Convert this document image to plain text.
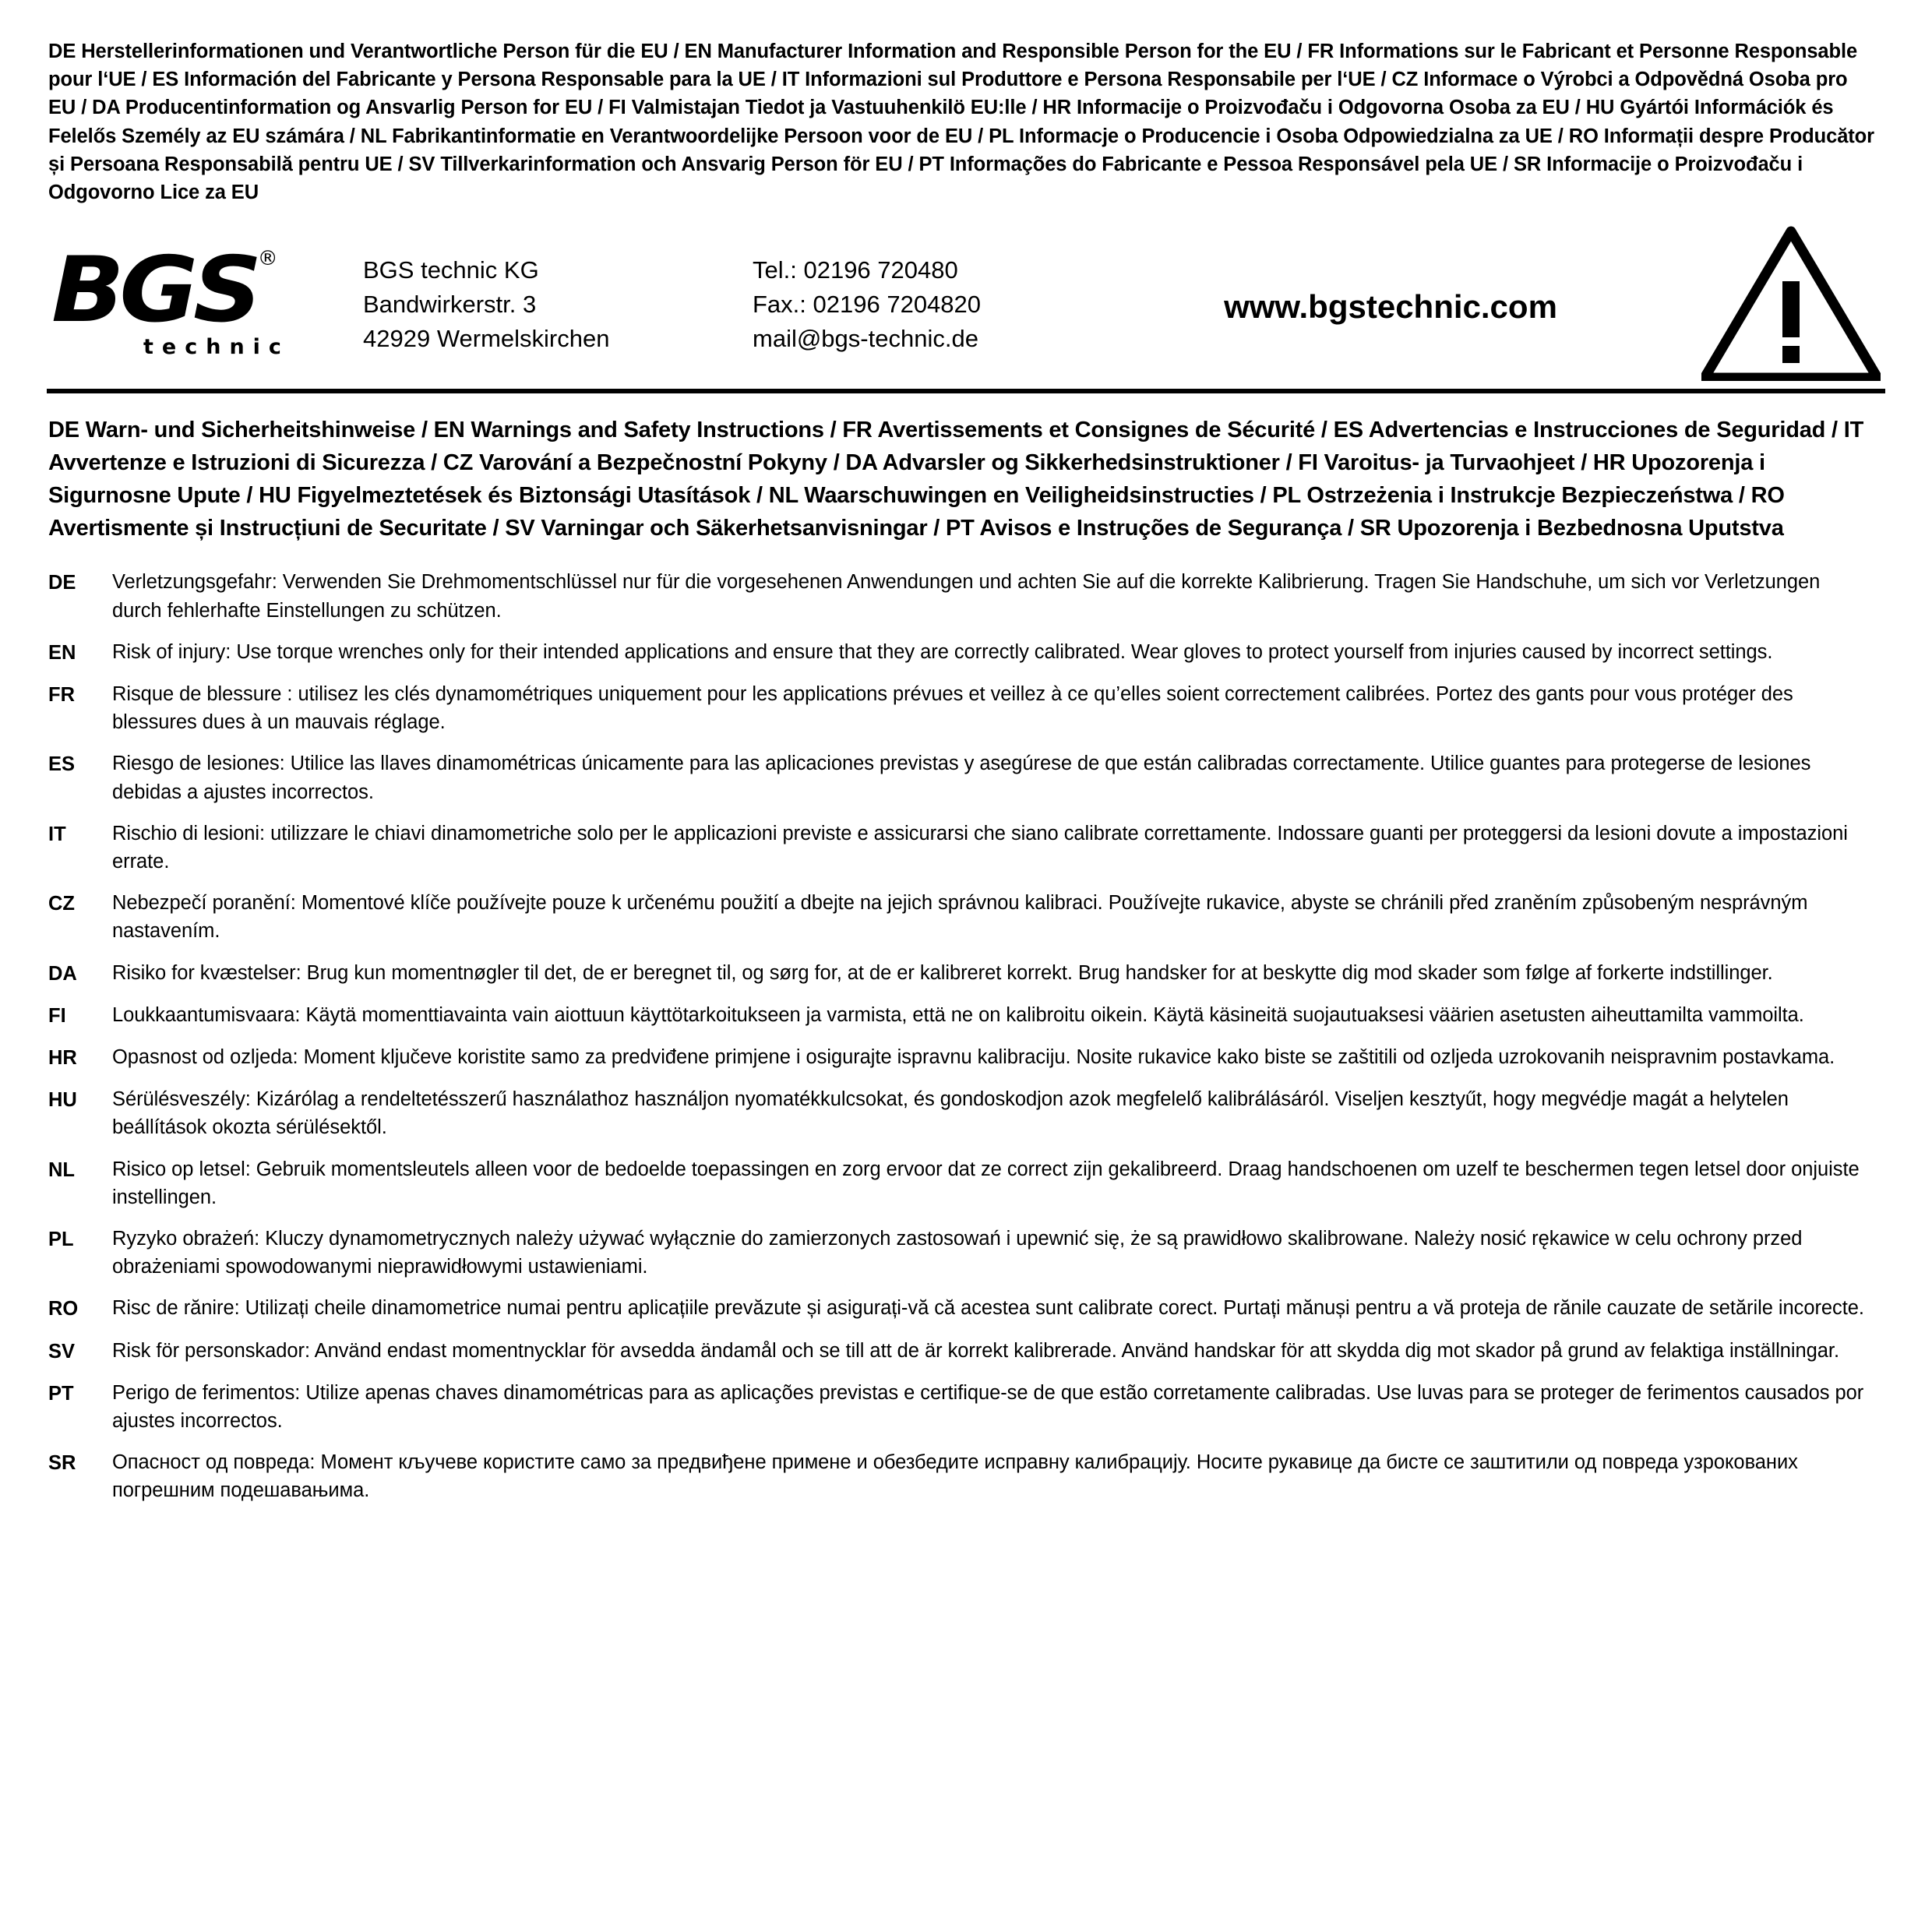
DE Herstellerinformationen und Verantwortliche Person für die EU / EN Manufacturer Information and Responsible Person for the EU / FR Informations sur le Fabricant et Personne Responsable pour l‘UE / ES Información del Fabricante y Persona Responsable para la UE / IT Informazioni sul Produttore e Persona Responsabile per l‘UE / CZ Informace o Výrobci a Odpovědná Osoba pro EU / DA Producentinformation og Ansvarlig Person for EU / FI Valmistajan Tiedot ja Vastuuhenkilö EU:lle / HR Informacije o Proizvođaču i Odgovorna Osoba za EU / HU Gyártói Információk és Felelős Személy az EU számára / NL Fabrikantinformatie en Verantwoordelijke Persoon voor de EU / PL Informacje o Producencie i Osoba Odpowiedzialna za UE / RO Informații despre Producător și Persoana Responsabilă pentru UE / SV Tillverkarinformation och Ansvarig Person för EU / PT Informações do Fabricante e Pessoa Responsável pela UE / SR Informacije o Proizvođaču i Odgovorno Lice za EU
BGS ®
technic
BGS technic KG
Bandwirkerstr. 3
42929 Wermelskirchen
Tel.: 02196 720480
Fax.: 02196 7204820
mail@bgs-technic.de
www.bgstechnic.com
DE Warn- und Sicherheitshinweise / EN Warnings and Safety Instructions / FR Avertissements et Consignes de Sécurité / ES Advertencias e Instrucciones de Seguridad / IT Avvertenze e Istruzioni di Sicurezza / CZ Varování a Bezpečnostní Pokyny / DA Advarsler og Sikkerhedsinstruktioner / FI Varoitus- ja Turvaohjeet / HR Upozorenja i Sigurnosne Upute / HU Figyelmeztetések és Biztonsági Utasítások / NL Waarschuwingen en Veiligheidsinstructies / PL Ostrzeżenia i Instrukcje Bezpieczeństwa / RO Avertismente și Instrucțiuni de Securitate / SV Varningar och Säkerhetsanvisningar / PT Avisos e Instruções de Segurança / SR Upozorenja i Bezbednosna Uputstva
DE	Verletzungsgefahr: Verwenden Sie Drehmomentschlüssel nur für die vorgesehenen Anwendungen und achten Sie auf die korrekte Kalibrierung. Tragen Sie Handschuhe, um sich vor Verletzungen durch fehlerhafte Einstellungen zu schützen.
EN	Risk of injury: Use torque wrenches only for their intended applications and ensure that they are correctly calibrated. Wear gloves to protect yourself from injuries caused by incorrect settings.
FR	Risque de blessure : utilisez les clés dynamométriques uniquement pour les applications prévues et veillez à ce qu’elles soient correctement calibrées. Portez des gants pour vous protéger des blessures dues à un mauvais réglage.
ES	Riesgo de lesiones: Utilice las llaves dinamométricas únicamente para las aplicaciones previstas y asegúrese de que están calibradas correctamente. Utilice guantes para protegerse de lesiones debidas a ajustes incorrectos.
IT	Rischio di lesioni: utilizzare le chiavi dinamometriche solo per le applicazioni previste e assicurarsi che siano calibrate correttamente. Indossare guanti per proteggersi da lesioni dovute a impostazioni errate.
CZ	Nebezpečí poranění: Momentové klíče používejte pouze k určenému použití a dbejte na jejich správnou kalibraci. Používejte rukavice, abyste se chránili před zraněním způsobeným nesprávným nastavením.
DA	Risiko for kvæstelser: Brug kun momentnøgler til det, de er beregnet til, og sørg for, at de er kalibreret korrekt. Brug handsker for at beskytte dig mod skader som følge af forkerte indstillinger.
FI	Loukkaantumisvaara: Käytä momenttiavainta vain aiottuun käyttötarkoitukseen ja varmista, että ne on kalibroitu oikein. Käytä käsineitä suojautuaksesi väärien asetusten aiheuttamilta vammoilta.
HR	Opasnost od ozljeda: Moment ključeve koristite samo za predviđene primjene i osigurajte ispravnu kalibraciju. Nosite rukavice kako biste se zaštitili od ozljeda uzrokovanih neispravnim postavkama.
HU	Sérülésveszély: Kizárólag a rendeltetésszerű használathoz használjon nyomatékkulcsokat, és gondoskodjon azok megfelelő kalibrálásáról. Viseljen kesztyűt, hogy megvédje magát a helytelen beállítások okozta sérülésektől.
NL	Risico op letsel: Gebruik momentsleutels alleen voor de bedoelde toepassingen en zorg ervoor dat ze correct zijn gekalibreerd. Draag handschoenen om uzelf te beschermen tegen letsel door onjuiste instellingen.
PL	Ryzyko obrażeń: Kluczy dynamometrycznych należy używać wyłącznie do zamierzonych zastosowań i upewnić się, że są prawidłowo skalibrowane. Należy nosić rękawice w celu ochrony przed obrażeniami spowodowanymi nieprawidłowymi ustawieniami.
RO	Risc de rănire: Utilizați cheile dinamometrice numai pentru aplicațiile prevăzute și asigurați-vă că acestea sunt calibrate corect. Purtați mănuși pentru a vă proteja de rănile cauzate de setările incorecte.
SV	Risk för personskador: Använd endast momentnycklar för avsedda ändamål och se till att de är korrekt kalibrerade. Använd handskar för att skydda dig mot skador på grund av felaktiga inställningar.
PT	Perigo de ferimentos: Utilize apenas chaves dinamométricas para as aplicações previstas e certifique-se de que estão corretamente calibradas. Use luvas para se proteger de ferimentos causados por ajustes incorrectos.
SR	Опасност од повреда: Момент кључеве користите само за предвиђене примене и обезбедите исправну калибрацију. Носите рукавице да бисте се заштитили од повреда узрокованих погрешним подешавањима.
